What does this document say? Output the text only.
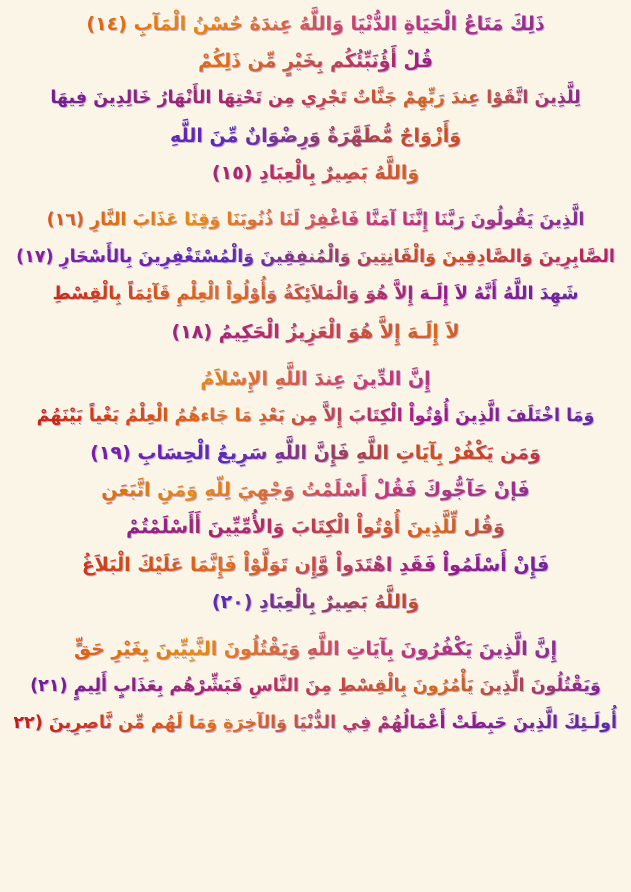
ذَلِكَ مَتَاعُ الْحَيَاةِ الدُّنْيَا وَاللَّهُ عِندَهُ حُسْنُ الْمَآبِ (١٤)
قُلْ أَؤُنَبِّئُكُم بِخَيْرٍ مِّن ذَلِكُمْ
لِلَّذِينَ اتَّقَوْا عِندَ رَبِّهِمْ جَنَّاتٌ تَجْرِي مِن تَحْتِهَا الأَنْهَارُ خَالِدِينَ فِيهَا
وَأَزْوَاجٌ مُّطَهَّرَةٌ وَرِضْوَانٌ مِّنَ اللَّهِ
وَاللَّهُ بَصِيرٌ بِالْعِبَادِ (١٥)
الَّذِينَ يَقُولُونَ رَبَّنَا إِنَّنَا آمَنَّا فَاغْفِرْ لَنَا ذُنُوبَنَا وَقِنَا عَذَابَ النَّارِ (١٦)
الصَّابِرِينَ وَالصَّادِقِينَ وَالْقَانِتِينَ وَالْمُنفِقِينَ وَالْمُسْتَغْفِرِينَ بِالأَسْحَارِ (١٧)
شَهِدَ اللَّهُ أَنَّهُ لاَ إِلَـهَ إِلاَّ هُوَ وَالْمَلاَئِكَةُ وَأُوْلُواْ الْعِلْمِ قَآئِمَاً بِالْقِسْطِ
لاَ إِلَـهَ إِلاَّ هُوَ الْعَزِيزُ الْحَكِيمُ (١٨)
إِنَّ الدِّينَ عِندَ اللَّهِ الإِسْلاَمُ
وَمَا اخْتَلَفَ الَّذِينَ أُوْتُواْ الْكِتَابَ إِلاَّ مِن بَعْدِ مَا جَاءهُمُ الْعِلْمُ بَغْياً بَيْنَهُمْ
وَمَن يَكْفُرْ بِآيَاتِ اللَّهِ فَإِنَّ اللَّهِ سَرِيعُ الْحِسَابِ (١٩)
فَإنْ حَآجُّوكَ فَقُلْ أَسْلَمْتُ وَجْهِيَ لِلّهِ وَمَنِ اتَّبَعَنِ
وَقُل لِّلَّذِينَ أُوْتُواْ الْكِتَابَ وَالأُمِّيِّينَ أَأَسْلَمْتُمْ
فَإِنْ أَسْلَمُواْ فَقَدِ اهْتَدَواْ وَّإِن تَوَلَّوْاْ فَإِنَّمَا عَلَيْكَ الْبَلاَغُ
وَاللَّهُ بَصِيرٌ بِالْعِبَادِ (٢٠)
إِنَّ الَّذِينَ يَكْفُرُونَ بِآيَاتِ اللَّهِ وَيَقْتُلُونَ النَّبِيِّينَ بِغَيْرِ حَقٍّ
وَيَقْتُلُونَ الِّذِينَ يَأْمُرُونَ بِالْقِسْطِ مِنَ النَّاسِ فَبَشِّرْهُم بِعَذَابٍ أَلِيمٍ (٢١)
أُولَـئِكَ الَّذِينَ حَبِطَتْ أَعْمَالُهُمْ فِي الدُّنْيَا وَالآخِرَةِ وَمَا لَهُم مِّن نَّاصِرِينَ (٢٢)
